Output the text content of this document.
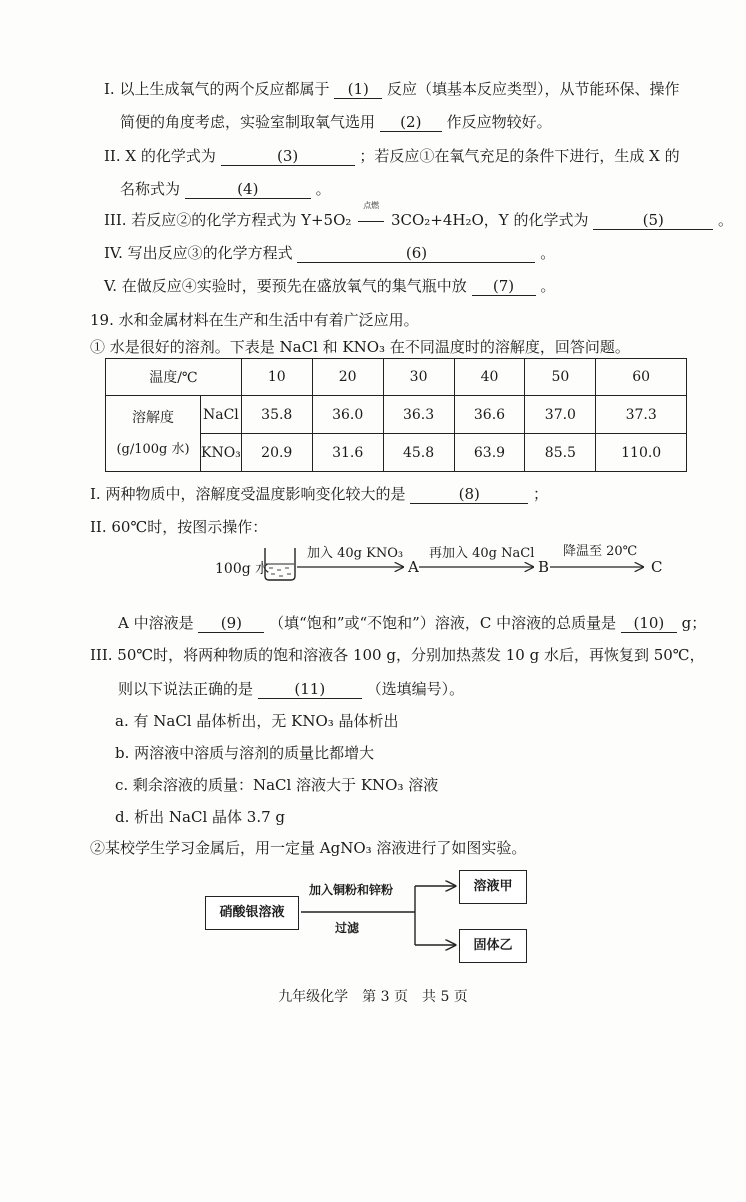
I. 以上生成氧气的两个反应都属于 (1) 反应（填基本反应类型），从节能环保、操作
简便的角度考虑，实验室制取氧气选用 (2) 作反应物较好。
II. X 的化学式为	(3)	；若反应①在氧气充足的条件下进行，生成 X 的
名称式为	(4)	。
III. 若反应②的化学方程式为 Y+5O₂
点燃
3CO₂+4H₂O，Y 的化学式为	(5)	。
IV. 写出反应③的化学方程式	(6)	。
V. 在做反应④实验时，要预先在盛放氧气的集气瓶中放 (7) 。
19. 水和金属材料在生产和生活中有着广泛应用。
① 水是很好的溶剂。下表是 NaCl 和 KNO₃ 在不同温度时的溶解度，回答问题。
温度/℃		10	20	30	40	50	60

溶解度
(g/100g 水)	NaCl	35.8	36.0	36.3	36.6	37.0	37.3
	KNO₃	20.9	31.6	45.8	63.9	85.5	110.0
I. 两种物质中，溶解度受温度影响变化较大的是	(8)	；
II. 60℃时，按图示操作：
100g 水
加入 40g KNO₃
A
再加入 40g NaCl
B
降温至 20℃
C
A 中溶液是 (9) （填“饱和”或“不饱和”）溶液，C 中溶液的总质量是 (10) g；
III. 50℃时，将两种物质的饱和溶液各 100 g，分别加热蒸发 10 g 水后，再恢复到 50℃，
则以下说法正确的是	(11)	（选填编号）。
a. 有 NaCl 晶体析出，无 KNO₃ 晶体析出
b. 两溶液中溶质与溶剂的质量比都增大
c. 剩余溶液的质量：NaCl 溶液大于 KNO₃ 溶液
d. 析出 NaCl 晶体 3.7 g
②某校学生学习金属后，用一定量 AgNO₃ 溶液进行了如图实验。
硝酸银溶液
加入铜粉和锌粉
过滤
溶液甲
固体乙
九年级化学　第 3 页　共 5 页
